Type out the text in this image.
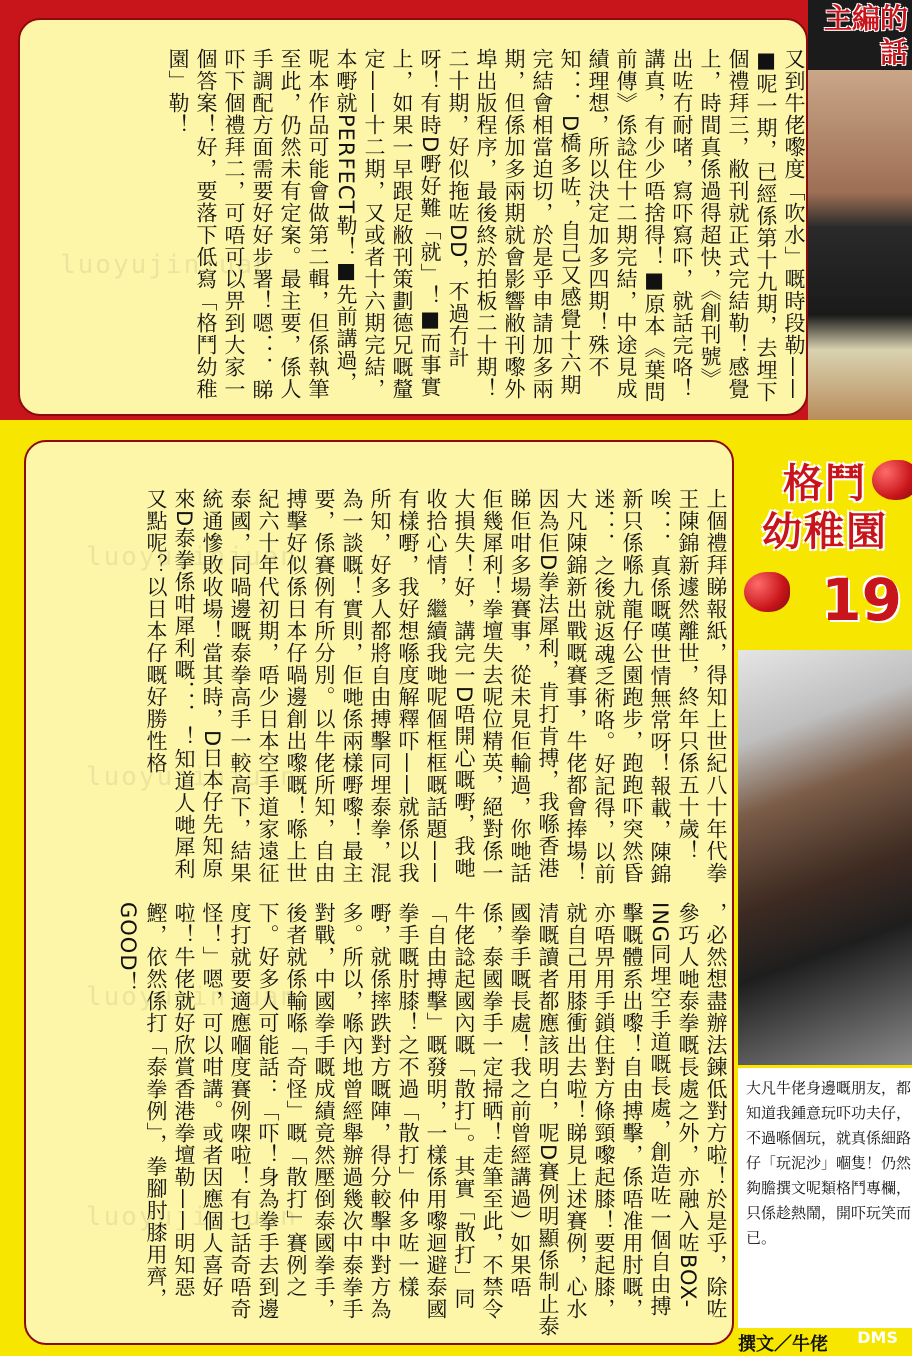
luoyujinjuan	又到牛佬嚟度「吹水」嘅時段勒——■呢一期，已經係第十九期，去埋下個禮拜三，敝刊就正式完結勒！感覺上，時間真係過得超快，《創刊號》出咗冇耐啫，寫吓寫吓，就話完咯！講真，有少少唔捨得！■原本《葉問前傳》係諗住十二期完結，中途見成績理想，所以決定加多四期！殊不知．．．D橋多咗，自己又感覺十六期完結會相當迫切，於是乎申請加多兩期，但係加多兩期就會影響敝刊嚟外埠出版程序，最後終於拍板二十期！二十期，好似拖咗DD，不過冇計呀！有時D嘢好難「就」！■而事實上，如果一早跟足敝刊策劃德兄嘅釐定——十二期，又或者十六期完結，本嘢就PERFECT勒！■先前講過，呢本作品可能會做第二輯，但係執筆至此，仍然未有定案。最主要，係人手調配方面需要好好步署！嗯．．．睇吓下個禮拜二，可唔可以畀到大家一個答案！好，要落下低寫「格鬥幼稚園」勒！
主編的話
luoyujinjuan
luoyujinjuan
luoyujinjuan
luoyujinjuan
上個禮拜睇報紙，得知上世紀八十年代拳王陳錦新遽然離世，終年只係五十歲！唉．．．真係嘅嘆世情無常呀！報載，陳錦新只係喺九龍仔公園跑步，跑跑吓突然昏迷．．．之後就返魂乏術咯。好記得，以前大凡陳錦新出戰嘅賽事，牛佬都會捧場！因為佢D拳法犀利，肯打肯搏，我喺香港睇佢咁多場賽事，從未見佢輸過，你哋話佢幾犀利！拳壇失去呢位精英，絕對係一大損失！好，講完一D唔開心嘅嘢，我哋收拾心情，繼續我哋呢個框框嘅話題——有樣嘢，我好想喺度解釋吓——就係以我所知，好多人都將自由搏擊同埋泰拳，混為一談嘅！實則，佢哋係兩樣嘢嚟！最主要，係賽例有所分別。以牛佬所知，自由搏擊好似係日本仔喎邊創出嚟嘅！喺上世紀六十年代初期，唔少日本空手道家遠征泰國，同喎邊嘅泰拳高手一較高下，結果統通慘敗收場！當其時，D日本仔先知原來D泰拳係咁犀利嘅．．．！知道人哋犀利又點呢？以日本仔嘅好勝性格
，必然想盡辦法鍊低對方啦！於是乎，除咗參巧人哋泰拳嘅長處之外，亦融入咗BOX-ING同埋空手道嘅長處，創造咗一個自由搏擊嘅體系出嚟！自由搏擊，係唔准用肘嘅，亦唔畀用手鎖住對方條頸嚟起膝！要起膝，就自己用膝衝出去啦！睇見上述賽例，心水清嘅讀者都應該明白，呢D賽例明顯係制止泰國拳手嘅長處！我之前曾經講過）如果唔係，泰國拳手一定掃晒！走筆至此，不禁令牛佬諗起國內嘅「散打」。其實「散打」同「自由搏擊」嘅發明，一樣係用嚟迴避泰國拳手嘅肘膝！之不過「散打」仲多咗一樣嘢，就係摔跌對方嘅陣，得分較擊中對方為多。所以，喺內地曾經舉辦過幾次中泰拳手對戰，中國拳手嘅成績竟然壓倒泰國拳手，後者就係輸喺「奇怪」嘅「散打」賽例之下。好多人可能話：「吓！身為拳手去到邊度打就要適應嗰度賽例㗎啦！有乜話奇唔奇怪！」嗯，可以咁講。或者因應個人喜好啦！牛佬就好欣賞香港拳壇勒——明知惡鰹，依然係打「泰拳例」，拳腳肘膝用齊，GOOD！
格鬥
幼稚園
19
大凡牛佬身邊嘅朋友，都知道我鍾意玩吓功夫仔，不過喺個玩，就真係細路仔「玩泥沙」嗰隻！仍然夠膽撰文呢類格鬥專欄，只係趁熱鬧，開吓玩笑而已。
撰文／牛佬 DMS
